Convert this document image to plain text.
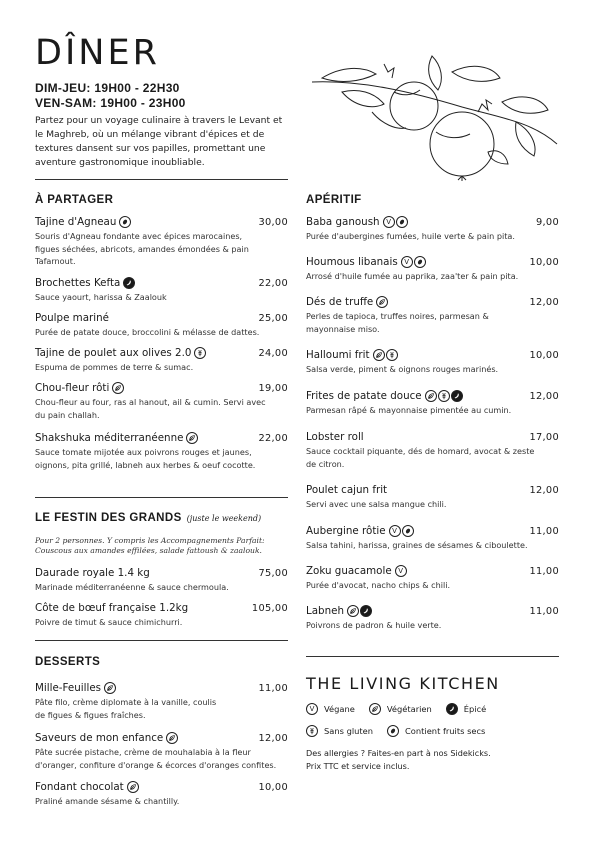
DÎNER
DIM-JEU: 19H00 - 22H30
VEN-SAM: 19H00 - 23H00
Partez pour un voyage culinaire à travers le Levant et le Maghreb, où un mélange vibrant d'épices et de textures dansent sur vos papilles, promettant une aventure gastronomique inoubliable.
À PARTAGER
Tajine d'Agneau	30,00
Souris d'Agneau fondante avec épices marocaines, figues séchées, abricots, amandes émondées & pain Tafarnout.
Brochettes Kefta	22,00
Sauce yaourt, harissa & Zaalouk
Poulpe mariné	25,00
Purée de patate douce, broccolini & mélasse de dattes.
Tajine de poulet aux olives 2.0	24,00
Espuma de pommes de terre & sumac.
Chou-fleur rôti	19,00
Chou-fleur au four, ras al hanout, ail & cumin. Servi avec du pain challah.
Shakshuka méditerranéenne	22,00
Sauce tomate mijotée aux poivrons rouges et jaunes, oignons, pita grillé, labneh aux herbes & oeuf cocotte.
LE FESTIN DES GRANDS (juste le weekend)
Pour 2 personnes. Y compris les Accompagnements Parfait:
Couscous aux amandes effilées, salade fattoush & zaalouk.
Daurade royale 1.4 kg	75,00
Marinade méditerranéenne & sauce chermoula.
Côte de bœuf française 1.2kg	105,00
Poivre de timut & sauce chimichurri.
DESSERTS
Mille-Feuilles	11,00
Pâte filo, crème diplomate à la vanille, coulis de figues & figues fraîches.
Saveurs de mon enfance	12,00
Pâte sucrée pistache, crème de mouhalabia à la fleur d'oranger, confiture d'orange & écorces d'oranges confites.
Fondant chocolat	10,00
Praliné amande sésame & chantilly.
APÉRITIF
Baba ganoush V	9,00
Purée d'aubergines fumées, huile verte & pain pita.
Houmous libanais V	10,00
Arrosé d'huile fumée au paprika, zaa'ter & pain pita.
Dés de truffe	12,00
Perles de tapioca, truffes noires, parmesan & mayonnaise miso.
Halloumi frit	10,00
Salsa verde, piment & oignons rouges marinés.
Frites de patate douce	12,00
Parmesan râpé & mayonnaise pimentée au cumin.
Lobster roll	17,00
Sauce cocktail piquante, dés de homard, avocat & zeste de citron.
Poulet cajun frit	12,00
Servi avec une salsa mangue chili.
Aubergine rôtie V	11,00
Salsa tahini, harissa, graines de sésames & ciboulette.
Zoku guacamole V	11,00
Purée d'avocat, nacho chips & chili.
Labneh	11,00
Poivrons de padron & huile verte.
THE LIVING KITCHEN
V	Végane	Végétarien	Épicé
Sans gluten	Contient fruits secs
Des allergies ? Faites-en part à nos Sidekicks.
Prix TTC et service inclus.
